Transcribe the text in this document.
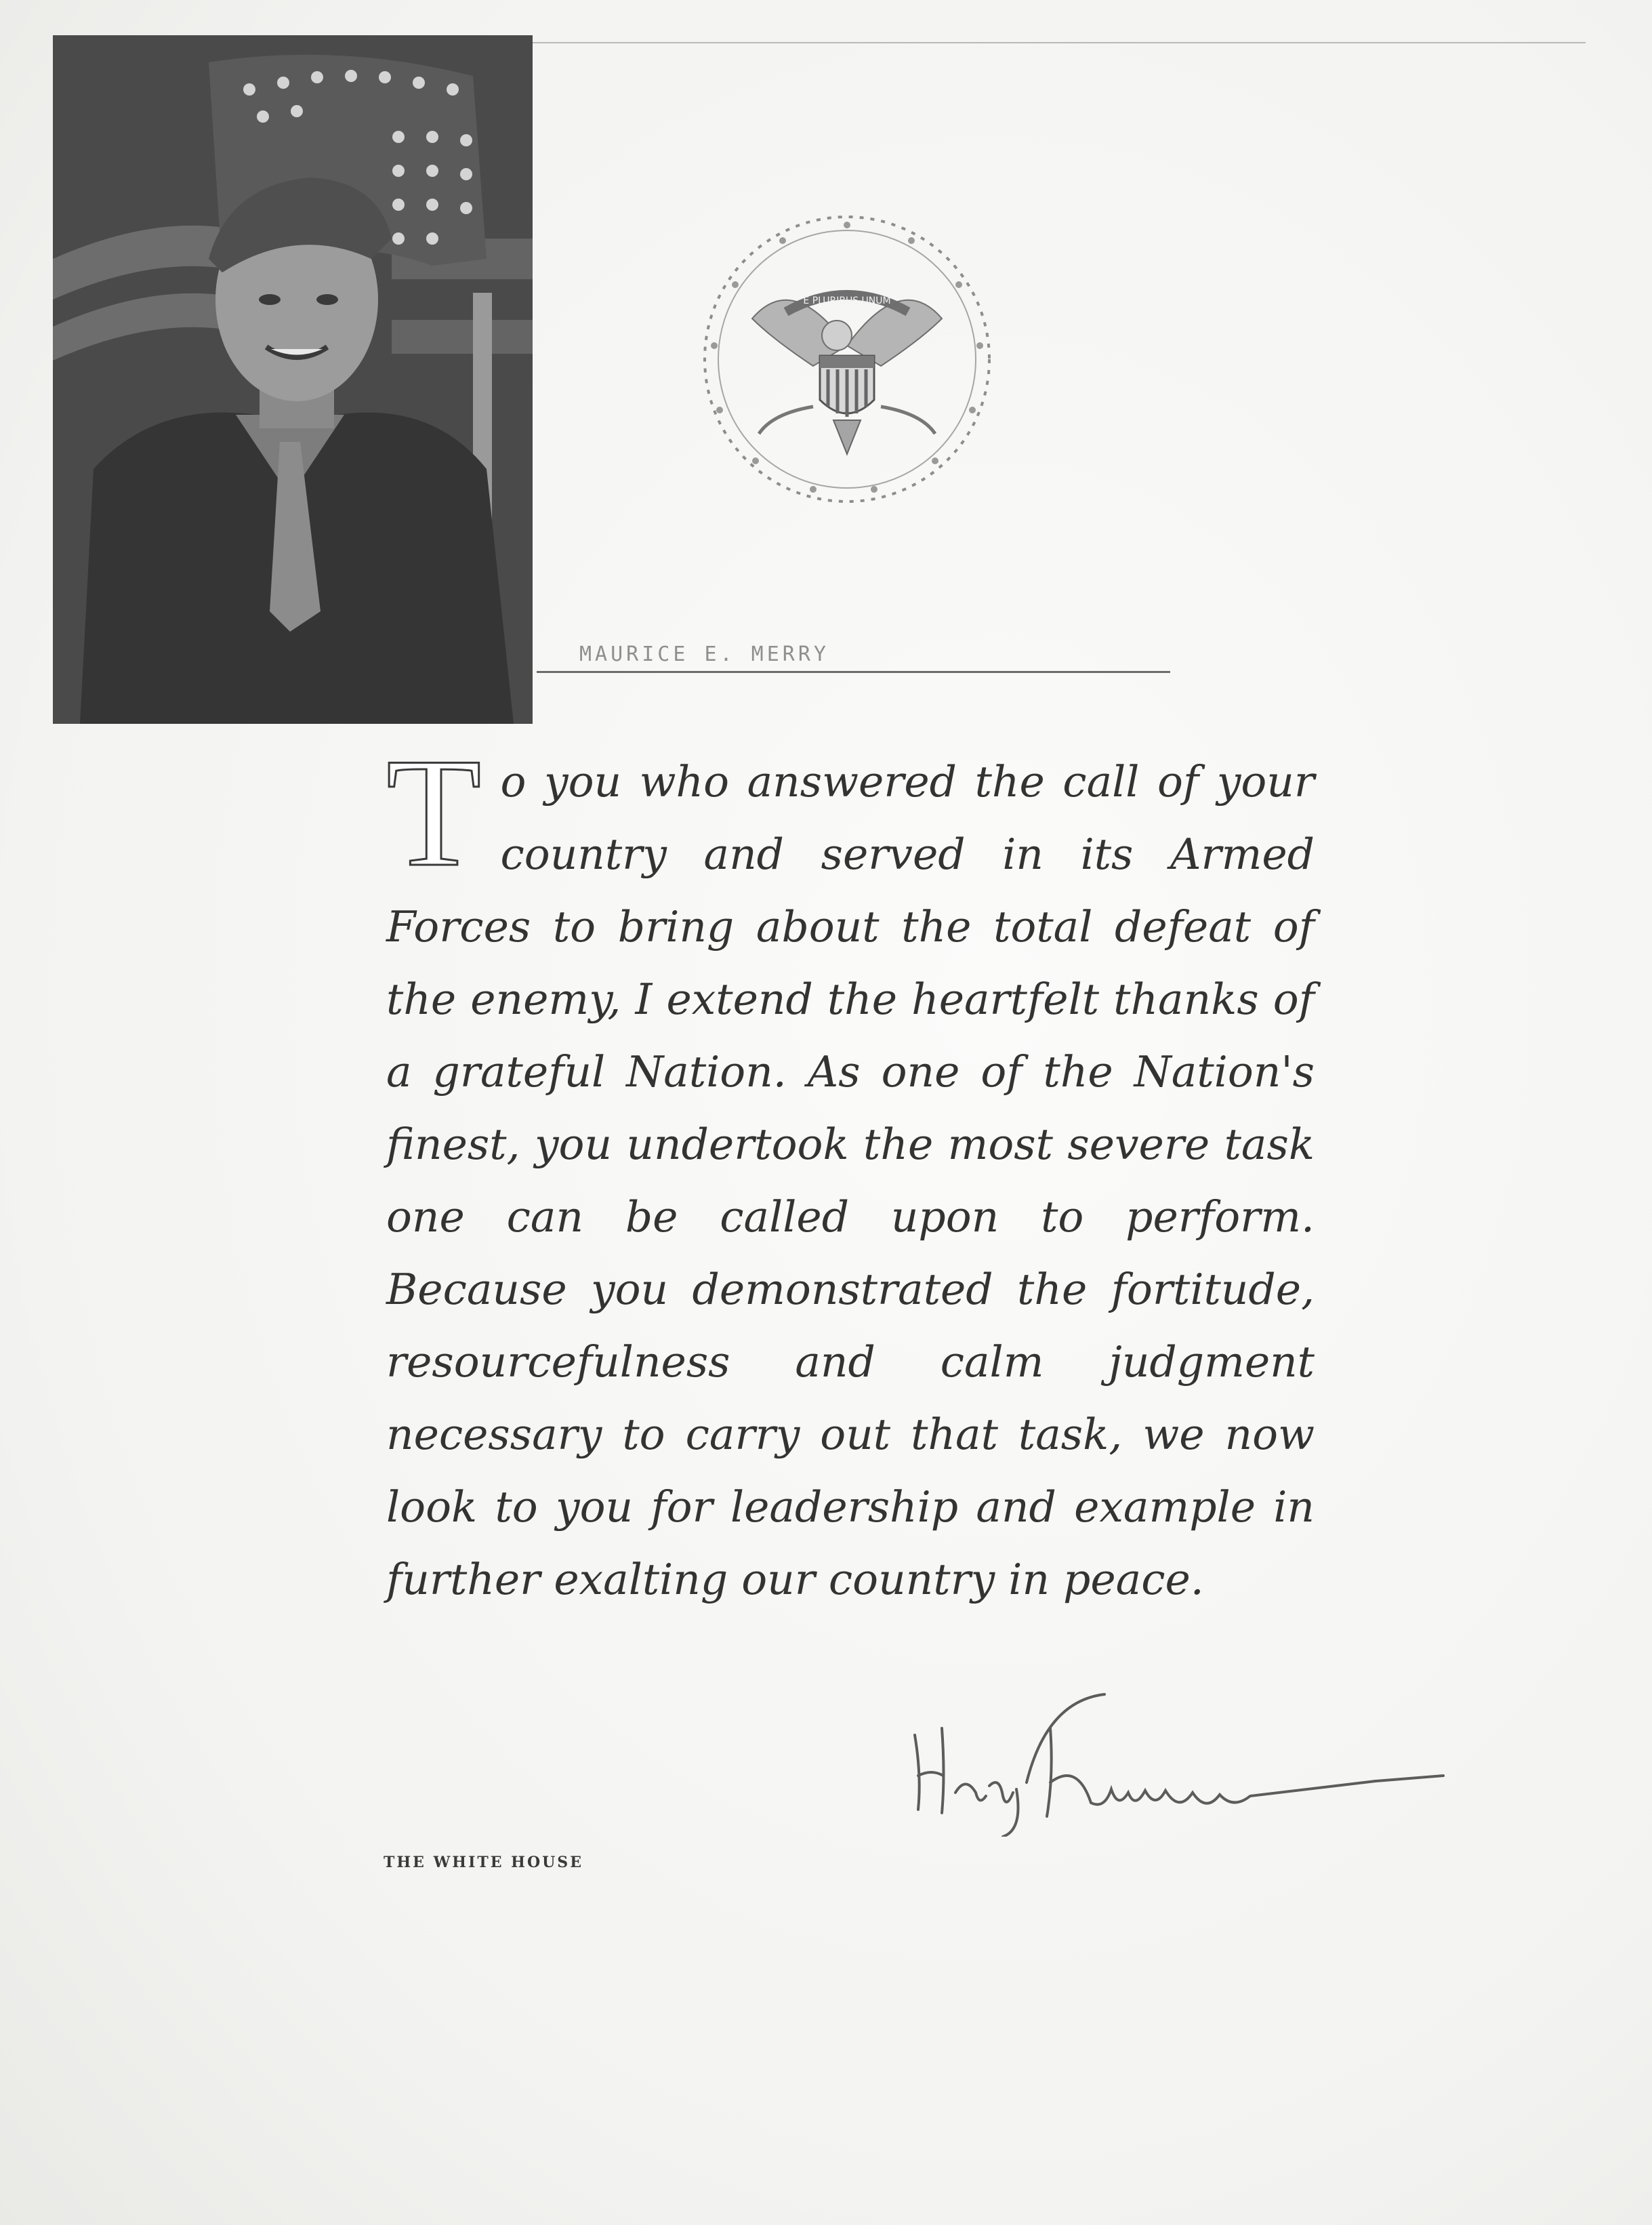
E PLURIBUS UNUM
MAURICE E. MERRY
T o you who answered the call of your country and served in its Armed Forces to bring about the total defeat of the enemy, I extend the heartfelt thanks of a grateful Nation. As one of the Nation's finest, you undertook the most severe task one can be called upon to perform. Because you demonstrated the fortitude, resourcefulness and calm judgment necessary to carry out that task, we now look to you for leadership and example in further exalting our country in peace.
THE WHITE HOUSE
